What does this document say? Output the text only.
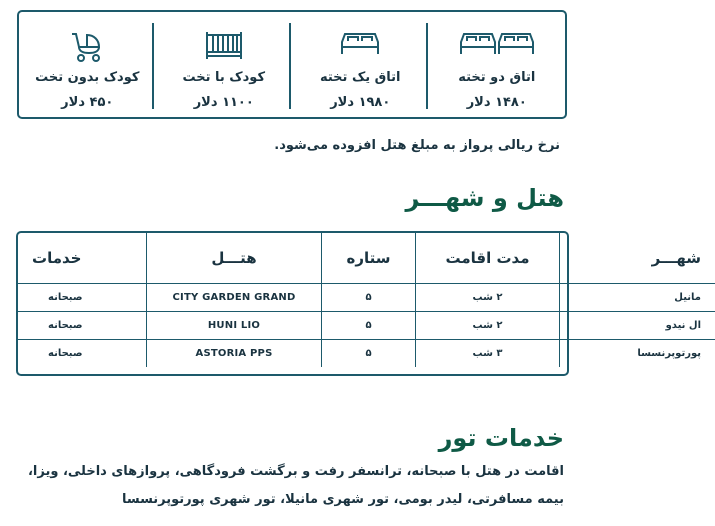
اتاق دو تخته
۱۴۸۰ دلار
اتاق یک تخته
۱۹۸۰ دلار
کودک با تخت
۱۱۰۰ دلار
کودک بدون تخت
۴۵۰ دلار
نرخ ریالی پرواز به مبلغ هتل افزوده می‌شود.
هتل و شهـــر
شهـــر	مدت اقامت	ستاره	هتـــل	خدمات
مانیل	۲ شب	۵	CITY GARDEN GRAND	صبحانه
ال نیدو	۲ شب	۵	HUNI LIO	صبحانه
پورتوپرنسسا	۳ شب	۵	ASTORIA PPS	صبحانه
خدمات تور
اقامت در هتل با صبحانه، ترانسفر رفت و برگشت فرودگاهی، پروازهای داخلی، ویزا، بیمه مسافرتی، لیدر بومی، تور شهری مانیلا، تور شهری پورتوپرنسسا
